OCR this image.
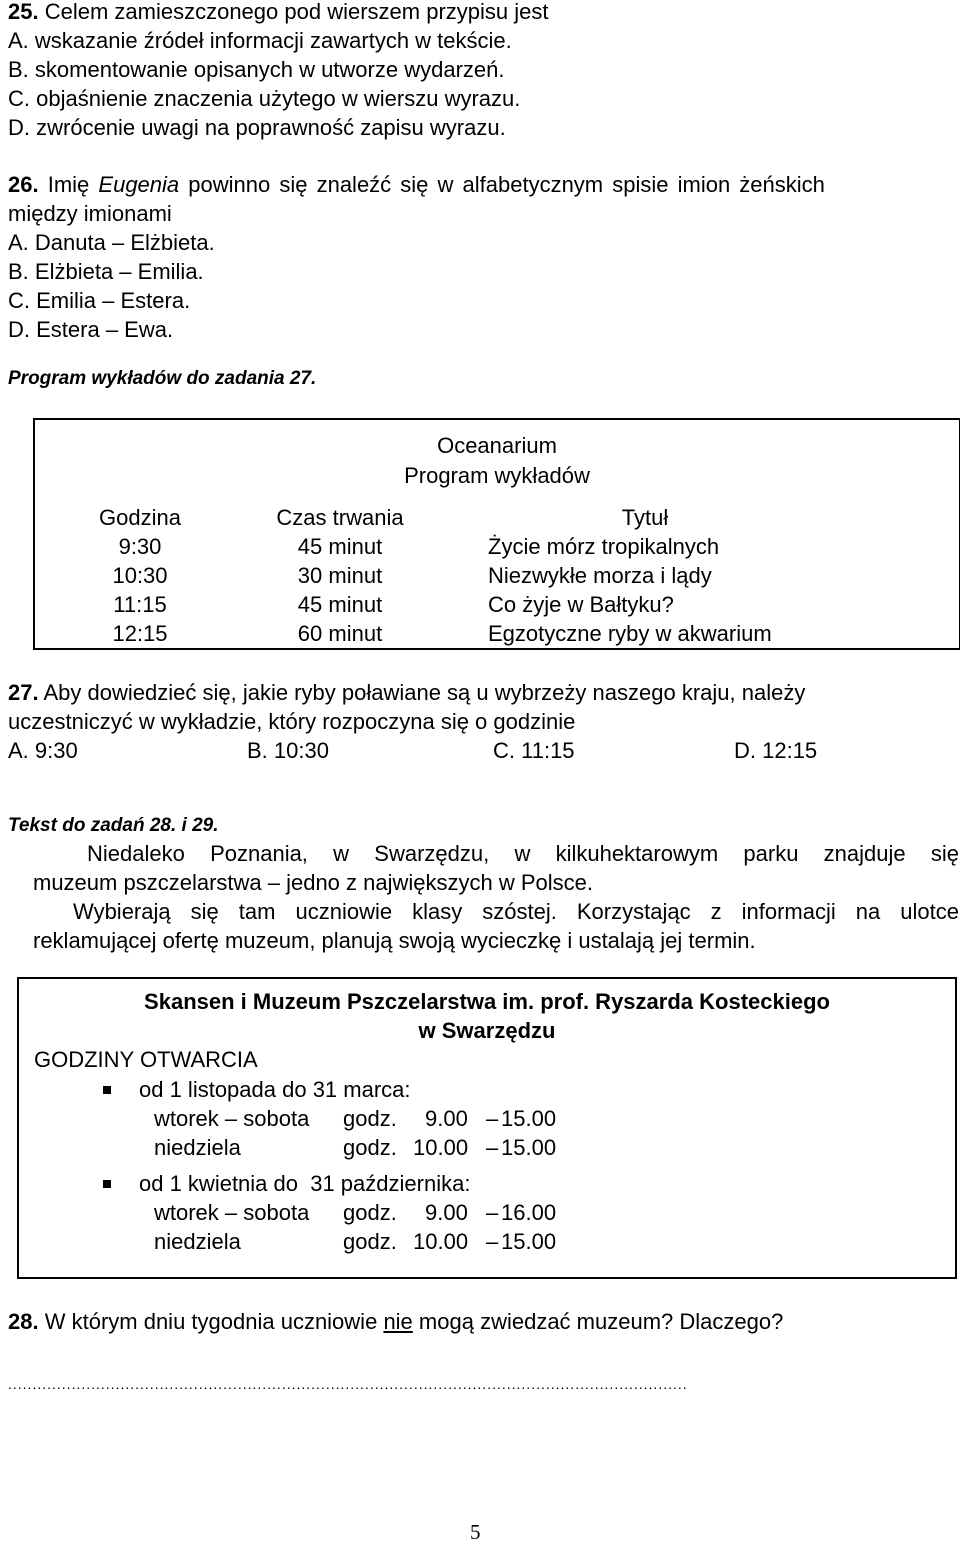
25. Celem zamieszczonego pod wierszem przypisu jest
A. wskazanie źródeł informacji zawartych w tekście.
B. skomentowanie opisanych w utworze wydarzeń.
C. objaśnienie znaczenia użytego w wierszu wyrazu.
D. zwrócenie uwagi na poprawność zapisu wyrazu.
26. Imię Eugenia powinno się znaleźć się w alfabetycznym spisie imion żeńskich
między imionami
A. Danuta – Elżbieta.
B. Elżbieta – Emilia.
C. Emilia – Estera.
D. Estera – Ewa.
Program wykładów do zadania 27.
Oceanarium
Program wykładów
Godzina	Czas trwania	Tytuł
9:30	45 minut	Życie mórz tropikalnych
10:30	30 minut	Niezwykłe morza i lądy
11:15	45 minut	Co żyje w Bałtyku?
12:15	60 minut	Egzotyczne ryby w akwarium
27. Aby dowiedzieć się, jakie ryby poławiane są u wybrzeży naszego kraju, należy
uczestniczyć w wykładzie, który rozpoczyna się o godzinie
A. 9:30	B. 10:30	C. 11:15	D. 12:15
Tekst do zadań 28. i 29.
Niedaleko Poznania, w Swarzędzu, w kilkuhektarowym parku znajduje się
muzeum pszczelarstwa – jedno z największych w Polsce.
Wybierają się tam uczniowie klasy szóstej. Korzystając z informacji na ulotce
reklamującej ofertę muzeum, planują swoją wycieczkę i ustalają jej termin.
Skansen i Muzeum Pszczelarstwa im. prof. Ryszarda Kosteckiego
w Swarzędzu
GODZINY OTWARCIA
od 1 listopada do 31 marca:
wtorek – sobota godz. 9.00 – 15.00
niedziela	godz. 10.00 – 15.00
od 1 kwietnia do  31 października:
wtorek – sobota godz. 9.00 – 16.00
niedziela	godz. 10.00 – 15.00
28. W którym dniu tygodnia uczniowie nie mogą zwiedzać muzeum? Dlaczego?
...........................................................................................................................................
5
